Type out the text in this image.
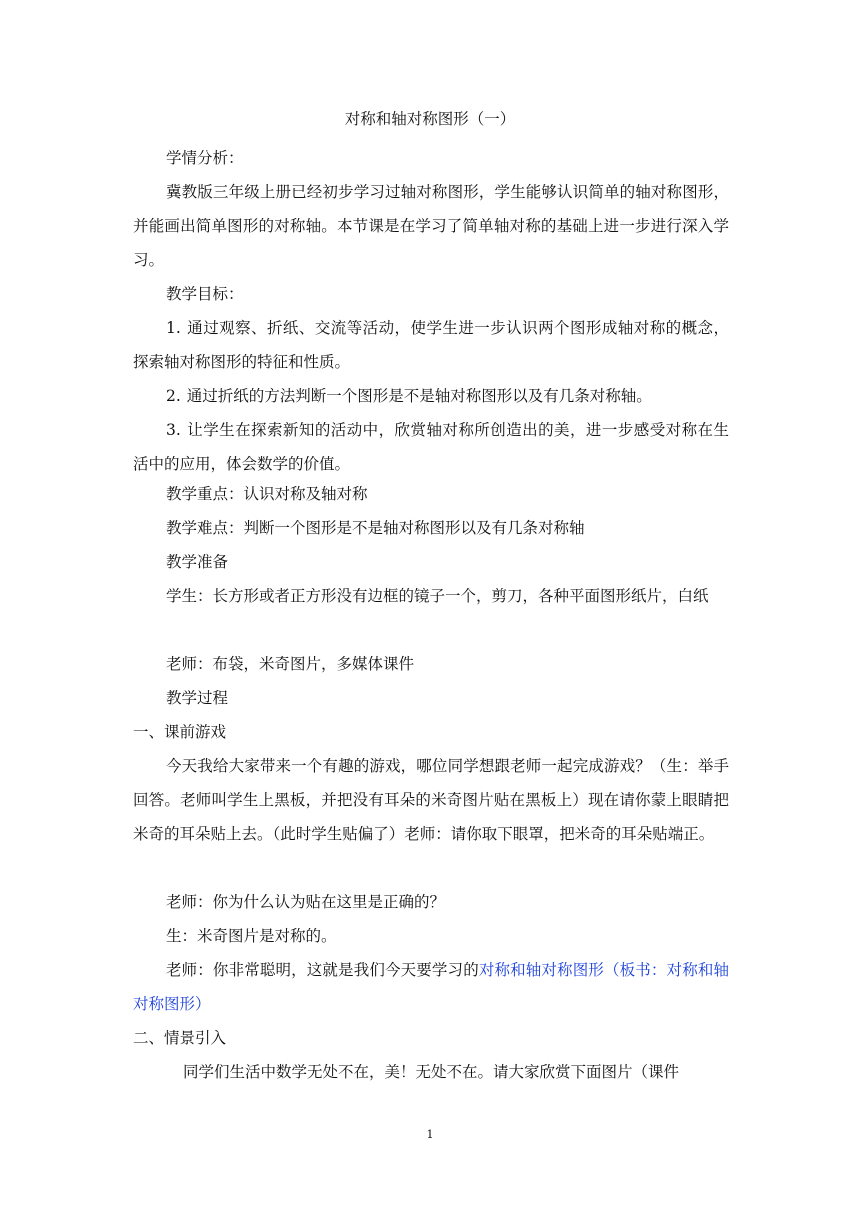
对称和轴对称图形（一）
学情分析：
冀教版三年级上册已经初步学习过轴对称图形，学生能够认识简单的轴对称图形，并能画出简单图形的对称轴。本节课是在学习了简单轴对称的基础上进一步进行深入学习。
教学目标：
1. 通过观察、折纸、交流等活动，使学生进一步认识两个图形成轴对称的概念，探索轴对称图形的特征和性质。
2. 通过折纸的方法判断一个图形是不是轴对称图形以及有几条对称轴。
3. 让学生在探索新知的活动中，欣赏轴对称所创造出的美，进一步感受对称在生活中的应用，体会数学的价值。
教学重点：认识对称及轴对称
教学难点：判断一个图形是不是轴对称图形以及有几条对称轴
教学准备
学生：长方形或者正方形没有边框的镜子一个，剪刀，各种平面图形纸片，白纸
老师：布袋，米奇图片，多媒体课件
教学过程
一、课前游戏
今天我给大家带来一个有趣的游戏，哪位同学想跟老师一起完成游戏？（生：举手回答。老师叫学生上黑板，并把没有耳朵的米奇图片贴在黑板上）现在请你蒙上眼睛把米奇的耳朵贴上去。（此时学生贴偏了）老师：请你取下眼罩，把米奇的耳朵贴端正。
老师：你为什么认为贴在这里是正确的？
生：米奇图片是对称的。
老师：你非常聪明，这就是我们今天要学习的对称和轴对称图形（板书：对称和轴对称图形）
二、情景引入
同学们生活中数学无处不在，美！无处不在。请大家欣赏下面图片（课件
1
